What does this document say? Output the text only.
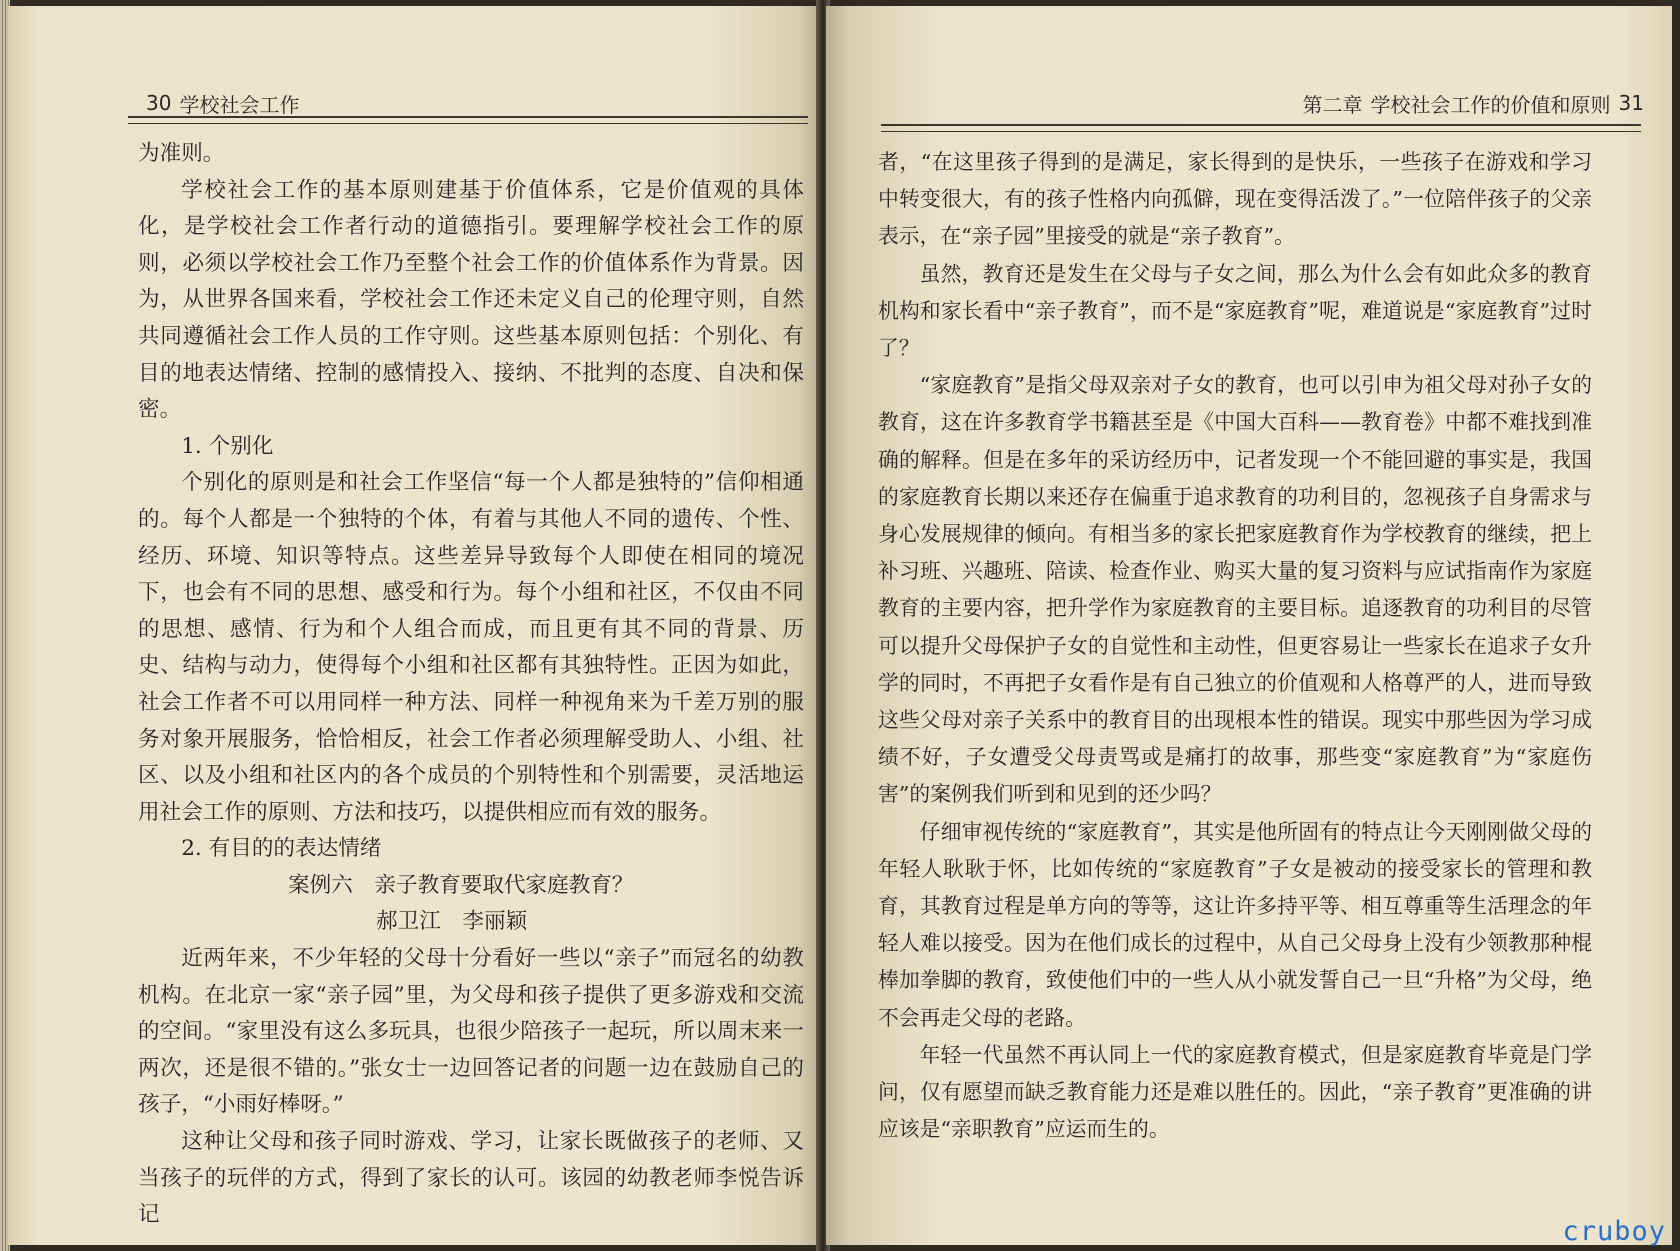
30 学校社会工作

为准则。

学校社会工作的基本原则建基于价值体系，它是价值观的具体化，是学校社会工作者行动的道德指引。要理解学校社会工作的原则，必须以学校社会工作乃至整个社会工作的价值体系作为背景。因为，从世界各国来看，学校社会工作还未定义自己的伦理守则，自然共同遵循社会工作人员的工作守则。这些基本原则包括：个别化、有目的地表达情绪、控制的感情投入、接纳、不批判的态度、自决和保密。

1. 个别化

个别化的原则是和社会工作坚信“每一个人都是独特的”信仰相通的。每个人都是一个独特的个体，有着与其他人不同的遗传、个性、经历、环境、知识等特点。这些差异导致每个人即使在相同的境况下，也会有不同的思想、感受和行为。每个小组和社区，不仅由不同的思想、感情、行为和个人组合而成，而且更有其不同的背景、历史、结构与动力，使得每个小组和社区都有其独特性。正因为如此，社会工作者不可以用同样一种方法、同样一种视角来为千差万别的服务对象开展服务，恰恰相反，社会工作者必须理解受助人、小组、社区、以及小组和社区内的各个成员的个别特性和个别需要，灵活地运用社会工作的原则、方法和技巧，以提供相应而有效的服务。

2. 有目的的表达情绪

案例六　亲子教育要取代家庭教育？

郝卫江　李丽颖

近两年来，不少年轻的父母十分看好一些以“亲子”而冠名的幼教机构。在北京一家“亲子园”里，为父母和孩子提供了更多游戏和交流的空间。“家里没有这么多玩具，也很少陪孩子一起玩，所以周末来一两次，还是很不错的。”张女士一边回答记者的问题一边在鼓励自己的孩子，“小雨好棒呀。”

这种让父母和孩子同时游戏、学习，让家长既做孩子的老师、又当孩子的玩伴的方式，得到了家长的认可。该园的幼教老师李悦告诉记

第二章 学校社会工作的价值和原则 31

者，“在这里孩子得到的是满足，家长得到的是快乐，一些孩子在游戏和学习中转变很大，有的孩子性格内向孤僻，现在变得活泼了。”一位陪伴孩子的父亲表示，在“亲子园”里接受的就是“亲子教育”。

虽然，教育还是发生在父母与子女之间，那么为什么会有如此众多的教育机构和家长看中“亲子教育”，而不是“家庭教育”呢，难道说是“家庭教育”过时了？

“家庭教育”是指父母双亲对子女的教育，也可以引申为祖父母对孙子女的教育，这在许多教育学书籍甚至是《中国大百科——教育卷》中都不难找到准确的解释。但是在多年的采访经历中，记者发现一个不能回避的事实是，我国的家庭教育长期以来还存在偏重于追求教育的功利目的，忽视孩子自身需求与身心发展规律的倾向。有相当多的家长把家庭教育作为学校教育的继续，把上补习班、兴趣班、陪读、检查作业、购买大量的复习资料与应试指南作为家庭教育的主要内容，把升学作为家庭教育的主要目标。追逐教育的功利目的尽管可以提升父母保护子女的自觉性和主动性，但更容易让一些家长在追求子女升学的同时，不再把子女看作是有自己独立的价值观和人格尊严的人，进而导致这些父母对亲子关系中的教育目的出现根本性的错误。现实中那些因为学习成绩不好，子女遭受父母责骂或是痛打的故事，那些变“家庭教育”为“家庭伤害”的案例我们听到和见到的还少吗？

仔细审视传统的“家庭教育”，其实是他所固有的特点让今天刚刚做父母的年轻人耿耿于怀，比如传统的“家庭教育”子女是被动的接受家长的管理和教育，其教育过程是单方向的等等，这让许多持平等、相互尊重等生活理念的年轻人难以接受。因为在他们成长的过程中，从自己父母身上没有少领教那种棍棒加拳脚的教育，致使他们中的一些人从小就发誓自己一旦“升格”为父母，绝不会再走父母的老路。

年轻一代虽然不再认同上一代的家庭教育模式，但是家庭教育毕竟是门学问，仅有愿望而缺乏教育能力还是难以胜任的。因此，“亲子教育”更准确的讲应该是“亲职教育”应运而生的。

cruboy
